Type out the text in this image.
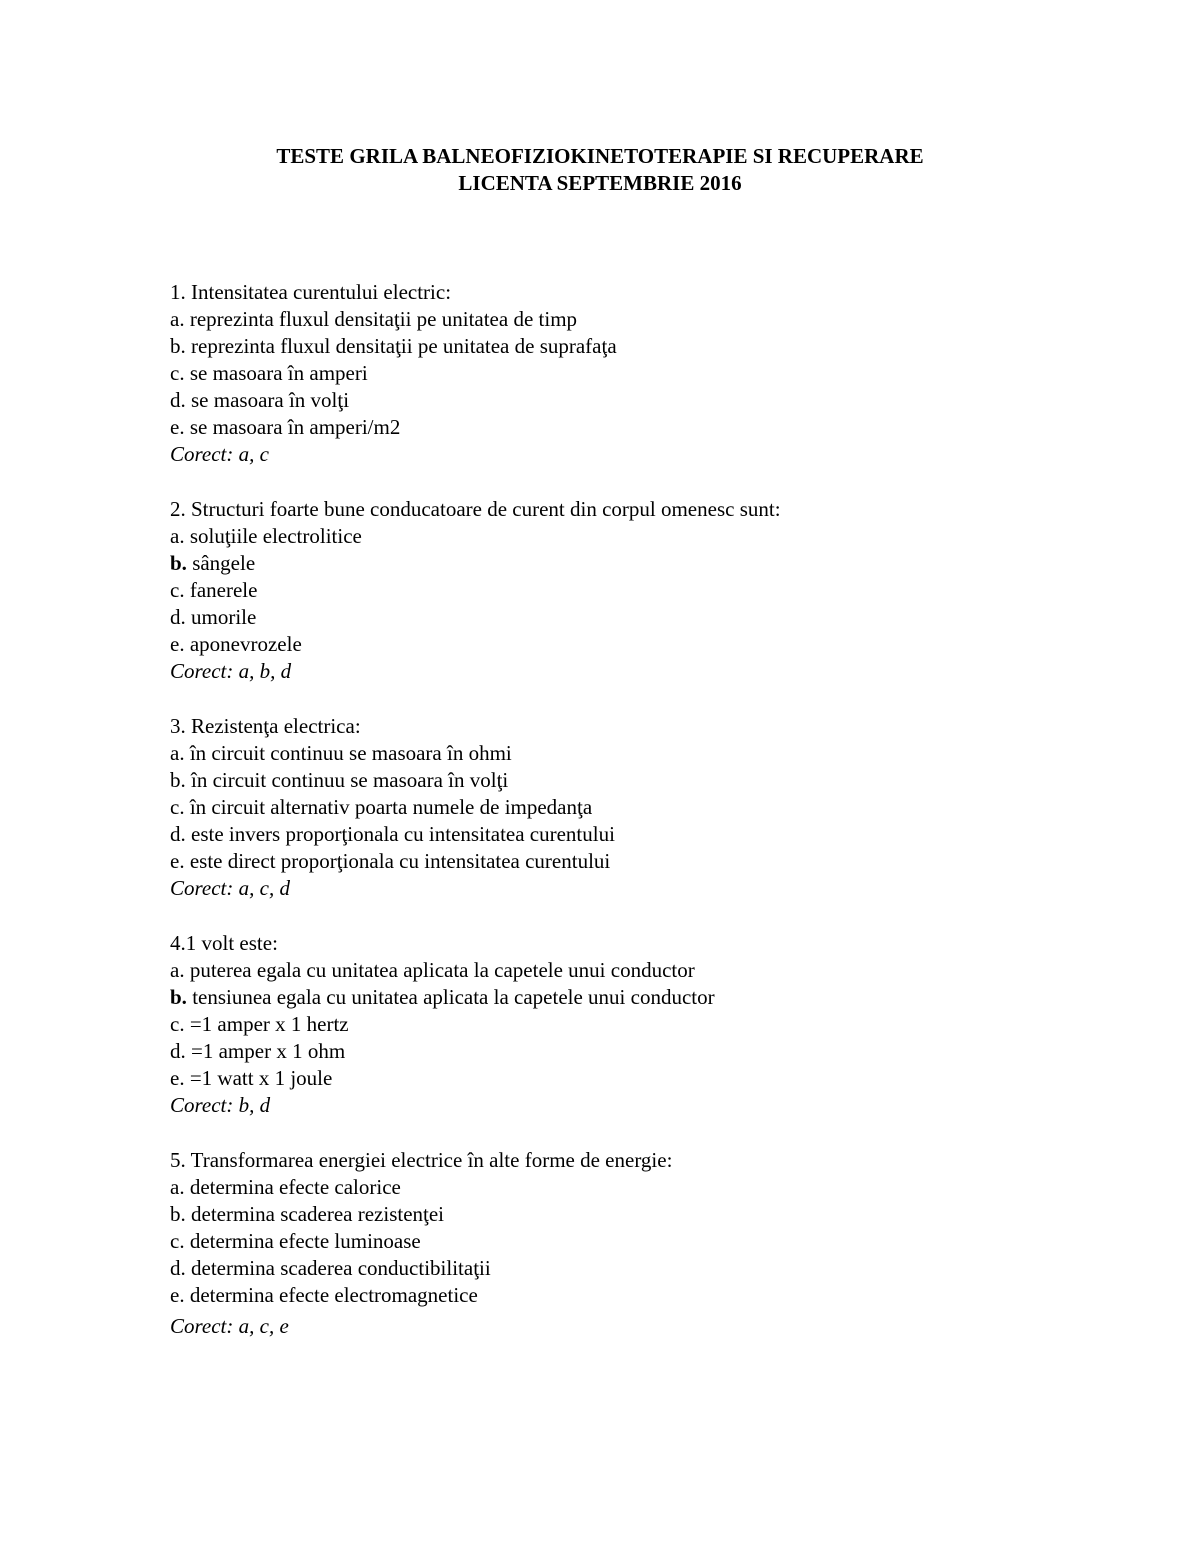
TESTE GRILA BALNEOFIZIOKINETOTERAPIE SI RECUPERARE
LICENTA SEPTEMBRIE 2016
1. Intensitatea curentului electric:
a. reprezinta fluxul densitaţii pe unitatea de timp
b. reprezinta fluxul densitaţii pe unitatea de suprafaţa
c. se masoara în amperi
d. se masoara în volţi
e. se masoara în amperi/m2
Corect: a, c
2. Structuri foarte bune conducatoare de curent din corpul omenesc sunt:
a. soluţiile electrolitice
b. sângele
c. fanerele
d. umorile
e. aponevrozele
Corect: a, b, d
3. Rezistenţa electrica:
a. în circuit continuu se masoara în ohmi
b. în circuit continuu se masoara în volţi
c. în circuit alternativ poarta numele de impedanţa
d. este invers proporţionala cu intensitatea curentului
e. este direct proporţionala cu intensitatea curentului
Corect: a, c, d
4.1 volt este:
a. puterea egala cu unitatea aplicata la capetele unui conductor
b. tensiunea egala cu unitatea aplicata la capetele unui conductor
c. =1 amper x 1 hertz
d. =1 amper x 1 ohm
e. =1 watt x 1 joule
Corect: b, d
5. Transformarea energiei electrice în alte forme de energie:
a. determina efecte calorice
b. determina scaderea rezistenţei
c. determina efecte luminoase
d. determina scaderea conductibilitaţii
e. determina efecte electromagnetice
Corect: a, c, e
